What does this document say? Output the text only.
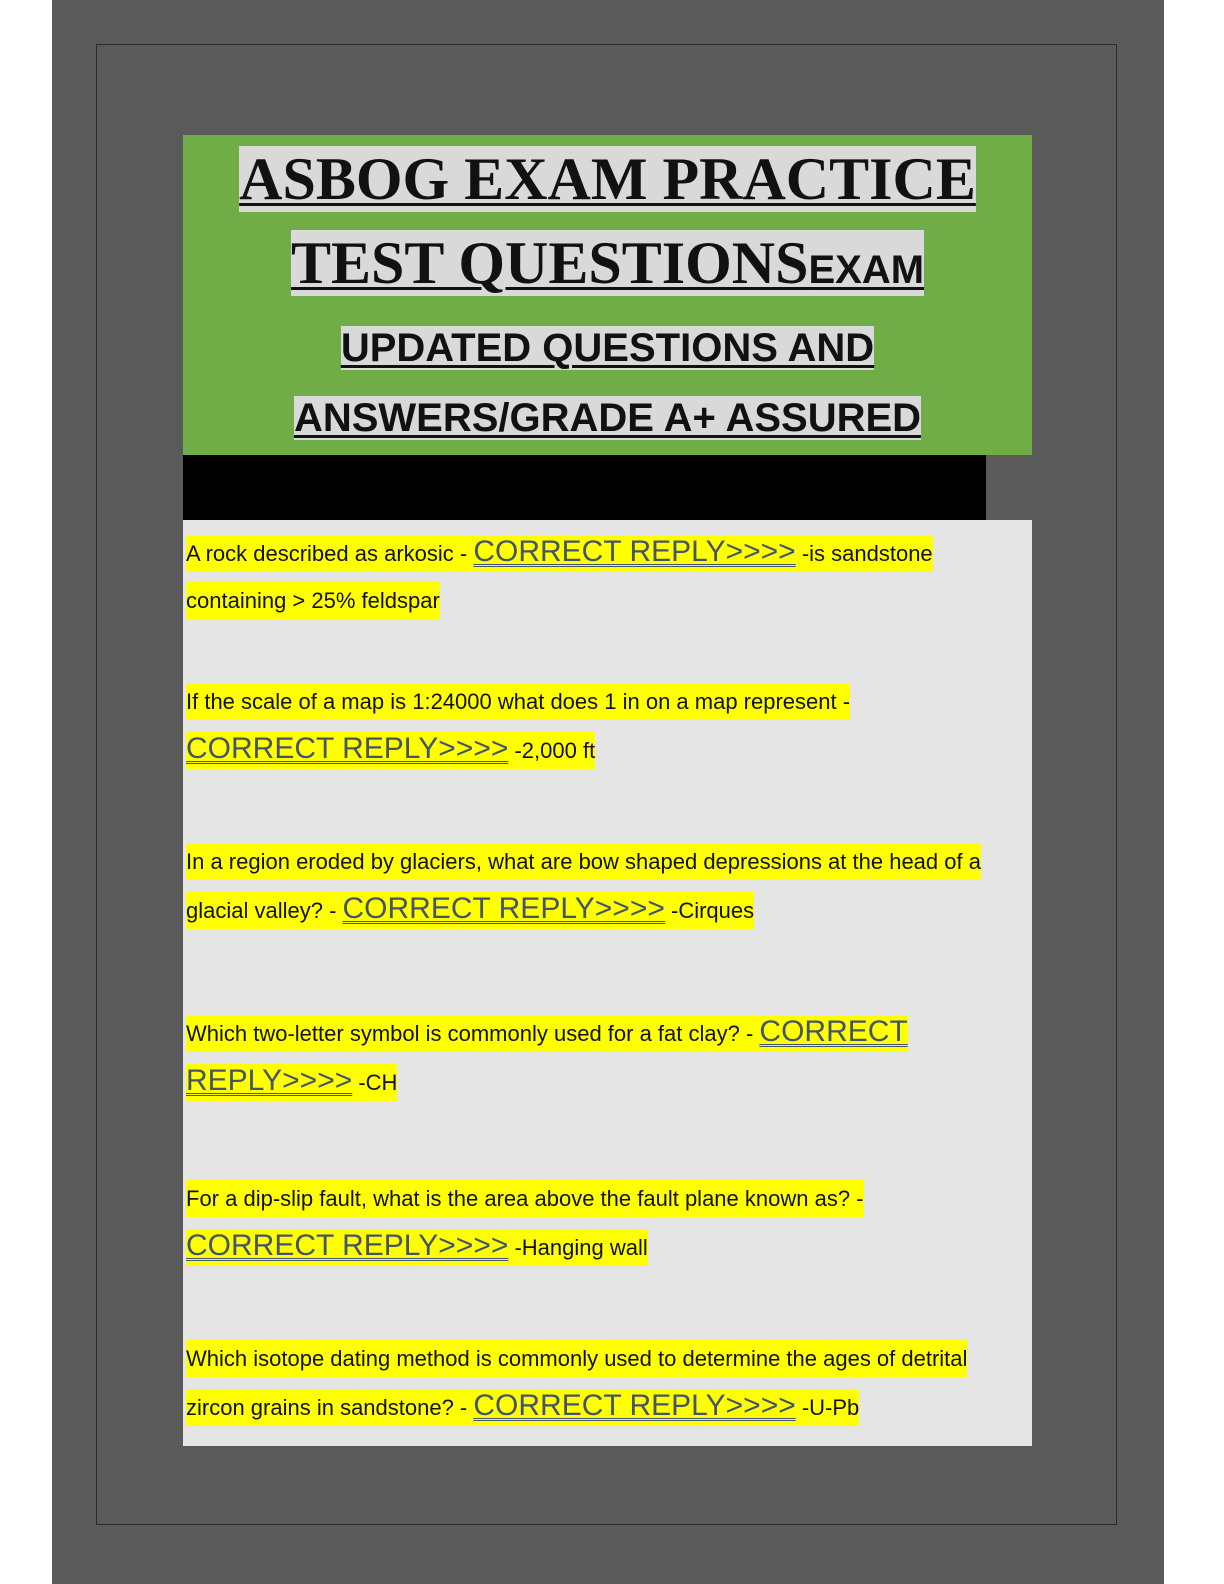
ASBOG EXAM PRACTICE
TEST QUESTIONSEXAM
UPDATED QUESTIONS AND
ANSWERS/GRADE A+ ASSURED
A rock described as arkosic - CORRECT REPLY>>>> -is sandstone containing > 25% feldspar
If the scale of a map is 1:24000 what does 1 in on a map represent - CORRECT REPLY>>>> -2,000 ft
In a region eroded by glaciers, what are bow shaped depressions at the head of a glacial valley? - CORRECT REPLY>>>> -Cirques
Which two-letter symbol is commonly used for a fat clay? - CORRECT REPLY>>>> -CH
For a dip-slip fault, what is the area above the fault plane known as? - CORRECT REPLY>>>> -Hanging wall
Which isotope dating method is commonly used to determine the ages of detrital zircon grains in sandstone? - CORRECT REPLY>>>> -U-Pb
